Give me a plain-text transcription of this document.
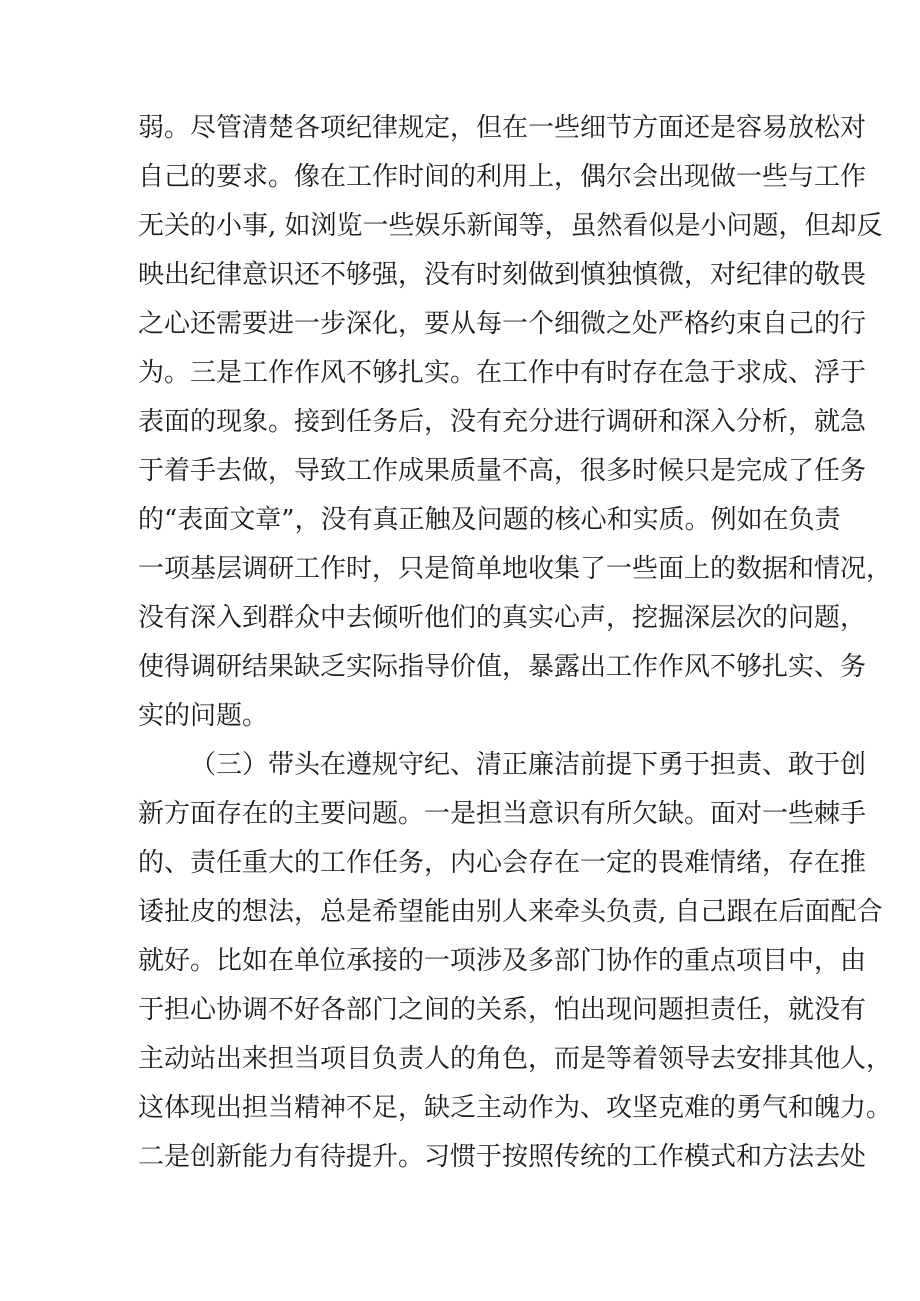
弱。尽管清楚各项纪律规定，但在一些细节方面还是容易放松对
自己的要求。像在工作时间的利用上，偶尔会出现做一些与工作
无关的小事, 如浏览一些娱乐新闻等，虽然看似是小问题，但却反
映出纪律意识还不够强，没有时刻做到慎独慎微，对纪律的敬畏
之心还需要进一步深化，要从每一个细微之处严格约束自己的行
为。三是工作作风不够扎实。在工作中有时存在急于求成、浮于
表面的现象。接到任务后，没有充分进行调研和深入分析，就急
于着手去做，导致工作成果质量不高，很多时候只是完成了任务
的“表面文章”，没有真正触及问题的核心和实质。例如在负责
一项基层调研工作时，只是简单地收集了一些面上的数据和情况，
没有深入到群众中去倾听他们的真实心声，挖掘深层次的问题，
使得调研结果缺乏实际指导价值，暴露出工作作风不够扎实、务
实的问题。
（三）带头在遵规守纪、清正廉洁前提下勇于担责、敢于创
新方面存在的主要问题。一是担当意识有所欠缺。面对一些棘手
的、责任重大的工作任务，内心会存在一定的畏难情绪，存在推
诿扯皮的想法，总是希望能由别人来牵头负责, 自己跟在后面配合
就好。比如在单位承接的一项涉及多部门协作的重点项目中，由
于担心协调不好各部门之间的关系，怕出现问题担责任，就没有
主动站出来担当项目负责人的角色，而是等着领导去安排其他人，
这体现出担当精神不足，缺乏主动作为、攻坚克难的勇气和魄力。
二是创新能力有待提升。习惯于按照传统的工作模式和方法去处
